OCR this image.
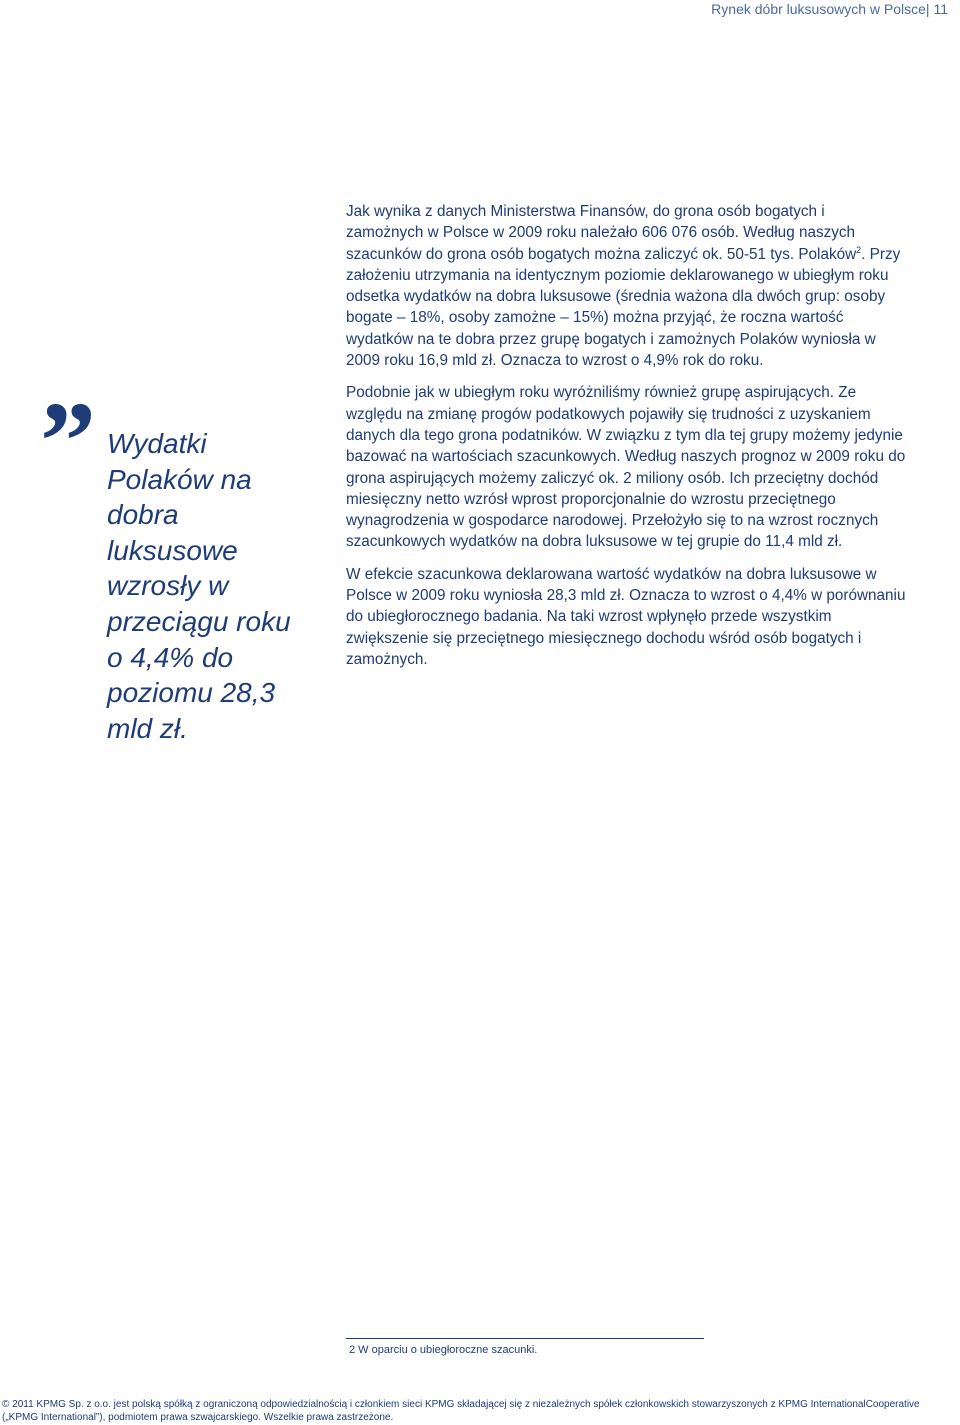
Rynek dóbr luksusowych w Polsce| 11
” Wydatki Polaków na dobra luksusowe wzrosły w przeciągu roku o 4,4% do poziomu 28,3 mld zł.

Jak wynika z danych Ministerstwa Finansów, do grona osób bogatych i zamożnych w Polsce w 2009 roku należało 606 076 osób. Według naszych szacunków do grona osób bogatych można zaliczyć ok. 50-51 tys. Polaków$^2$. Przy założeniu utrzymania na identycznym poziomie deklarowanego w ubiegłym roku odsetka wydatków na dobra luksusowe (średnia ważona dla dwóch grup: osoby bogate – 18%, osoby zamożne – 15%) można przyjąć, że roczna wartość wydatków na te dobra przez grupę bogatych i zamożnych Polaków wyniosła w 2009 roku 16,9 mld zł. Oznacza to wzrost o 4,9% rok do roku.

Podobnie jak w ubiegłym roku wyróżniliśmy również grupę aspirujących. Ze względu na zmianę progów podatkowych pojawiły się trudności z uzyskaniem danych dla tego grona podatników. W związku z tym dla tej grupy możemy jedynie bazować na wartościach szacunkowych. Według naszych prognoz w 2009 roku do grona aspirujących możemy zaliczyć ok. 2 miliony osób. Ich przeciętny dochód miesięczny netto wzrósł wprost proporcjonalnie do wzrostu przeciętnego wynagrodzenia w gospodarce narodowej. Przełożyło się to na wzrost rocznych szacunkowych wydatków na dobra luksusowe w tej grupie do 11,4 mld zł.

W efekcie szacunkowa deklarowana wartość wydatków na dobra luksusowe w Polsce w 2009 roku wyniosła 28,3 mld zł. Oznacza to wzrost o 4,4% w porównaniu do ubiegłorocznego badania. Na taki wzrost wpłynęło przede wszystkim zwiększenie się przeciętnego miesięcznego dochodu wśród osób bogatych i zamożnych.

2 W oparciu o ubiegłoroczne szacunki.
© 2011 KPMG Sp. z o.o. jest polską spółką z ograniczoną odpowiedzialnością i członkiem sieci KPMG składającej się z niezależnych spółek członkowskich stowarzyszonych z KPMG InternationalCooperative
(„KPMG International”), podmiotem prawa szwajcarskiego. Wszelkie prawa zastrzeżone.
